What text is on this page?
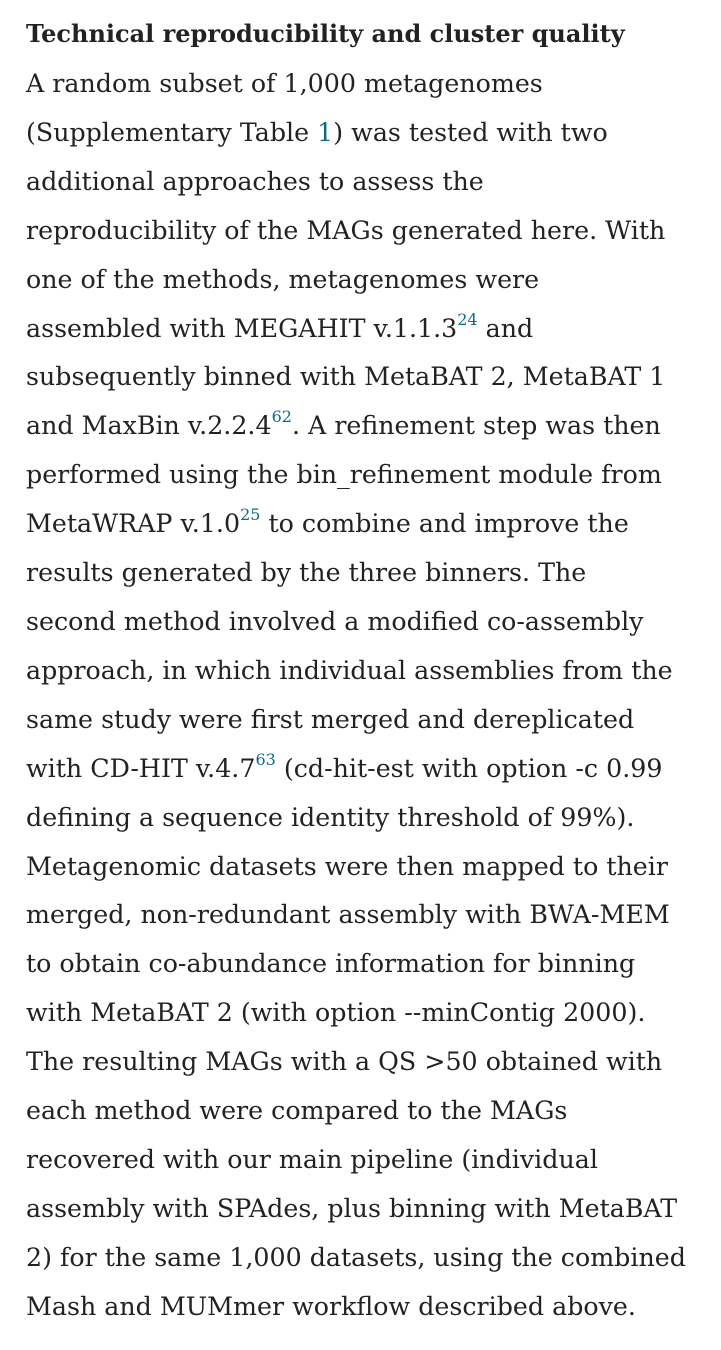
Technical reproducibility and cluster quality

A random subset of 1,000 metagenomes
(Supplementary Table 1) was tested with two
additional approaches to assess the
reproducibility of the MAGs generated here. With
one of the methods, metagenomes were
assembled with MEGAHIT v.1.1.3$^{24}$ and
subsequently binned with MetaBAT 2, MetaBAT 1
and MaxBin v.2.2.4$^{62}$. A refinement step was then
performed using the bin_refinement module from
MetaWRAP v.1.0$^{25}$ to combine and improve the
results generated by the three binners. The
second method involved a modified co-assembly
approach, in which individual assemblies from the
same study were first merged and dereplicated
with CD-HIT v.4.7$^{63}$ (cd-hit-est with option -c 0.99
defining a sequence identity threshold of 99%).
Metagenomic datasets were then mapped to their
merged, non-redundant assembly with BWA-MEM
to obtain co-abundance information for binning
with MetaBAT 2 (with option --minContig 2000).
The resulting MAGs with a QS >50 obtained with
each method were compared to the MAGs
recovered with our main pipeline (individual
assembly with SPAdes, plus binning with MetaBAT
2) for the same 1,000 datasets, using the combined
Mash and MUMmer workflow described above.
